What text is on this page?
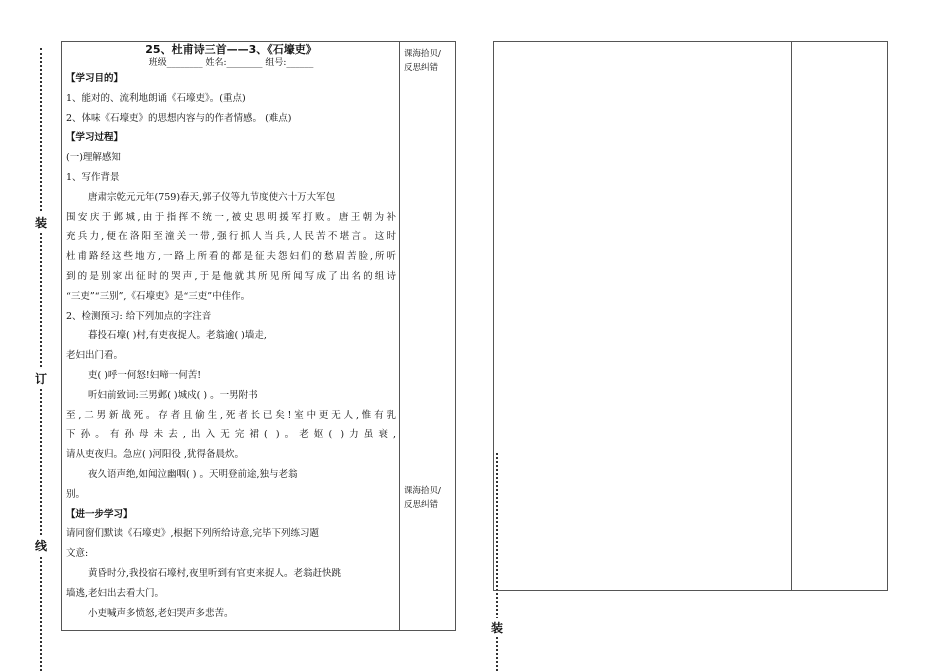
装
订
线
装
25、杜甫诗三首——3、《石壕吏》
班级________ 姓名:________ 组号:______
【学习目的】
1、能对的、流利地朗诵《石壕吏》。(重点)
2、体味《石壕吏》的思想内容与的作者情感。 (难点)
【学习过程】
(一)理解感知
1、写作背景
唐肃宗乾元元年(759)春天,郭子仪等九节度使六十万大军包
围安庆于邺城,由于指挥不统一,被史思明援军打败。唐王朝为补
充兵力,便在洛阳至潼关一带,强行抓人当兵,人民苦不堪言。这时
杜甫路经这些地方,一路上所看的都是征夫怨妇们的愁眉苦脸,所听
到的是别家出征时的哭声,于是他就其所见所闻写成了出名的组诗
“三吏”“三别”,《石壕吏》是“三吏”中佳作。
2、检测预习: 给下列加点的字注音
暮投石壕( )村,有吏夜捉人。老翁逾( )墙走,
老妇出门看。
吏( )呼一何怒!妇啼一何苦!
听妇前致词:三男邺( )城戍( ) 。一男附书
至,二男新战死。存者且偷生,死者长已矣!室中更无人,惟有乳
下孙。有孙母未去,出入无完裙( )。老妪( )力虽衰,
请从吏夜归。急应( )河阳役 ,犹得备晨炊。
夜久语声绝,如闻泣幽咽( ) 。天明登前途,独与老翁
别。
【进一步学习】
请同窗们默读《石壕吏》,根据下列所给诗意,完毕下列练习题
文意:
黄昏时分,我投宿石壕村,夜里听到有官吏来捉人。老翁赶快跳
墙逃,老妇出去看大门。
小吏喊声多愤怒,老妇哭声多悲苦。
课海拾贝/
反思纠错
课海拾贝/
反思纠错
